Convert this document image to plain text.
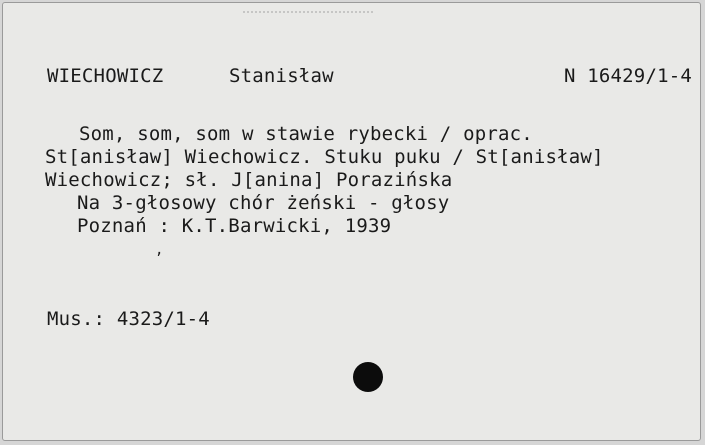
WIECHOWICZ	Stanisław	N 16429/1-4
Som, som, som w stawie rybecki / oprac.
St[anisław] Wiechowicz. Stuku puku / St[anisław]
Wiechowicz; sł. J[anina] Porazińska
Na 3-głosowy chór żeński - głosy
Poznań : K.T.Barwicki, 1939
,
Mus.: 4323/1-4
